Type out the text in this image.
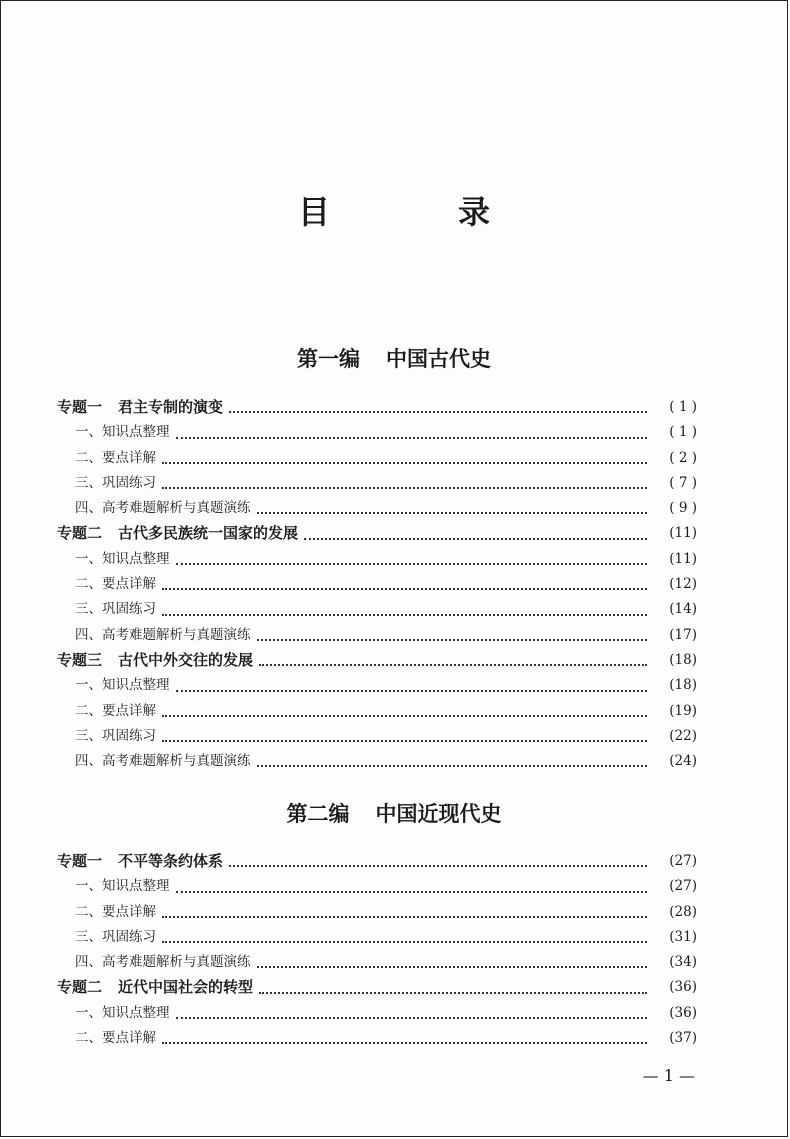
目　录
第一编 中国古代史
专题一 君主专制的演变	( 1 )
一、知识点整理	( 1 )
二、要点详解	( 2 )
三、巩固练习	( 7 )
四、高考难题解析与真题演练	( 9 )
专题二 古代多民族统一国家的发展	(11)
一、知识点整理	(11)
二、要点详解	(12)
三、巩固练习	(14)
四、高考难题解析与真题演练	(17)
专题三 古代中外交往的发展	(18)
一、知识点整理	(18)
二、要点详解	(19)
三、巩固练习	(22)
四、高考难题解析与真题演练	(24)
第二编 中国近现代史
专题一 不平等条约体系	(27)
一、知识点整理	(27)
二、要点详解	(28)
三、巩固练习	(31)
四、高考难题解析与真题演练	(34)
专题二 近代中国社会的转型	(36)
一、知识点整理	(36)
二、要点详解	(37)
— 1 —
